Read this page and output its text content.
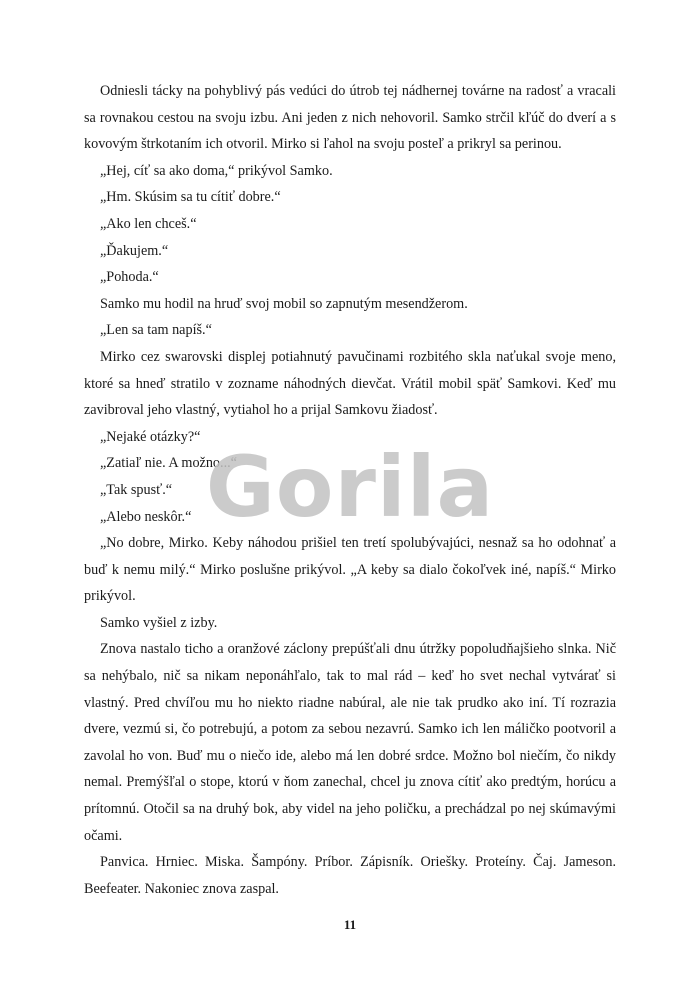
Odniesli tácky na pohyblivý pás vedúci do útrob tej nádhernej továrne na radosť a vracali sa rovnakou cestou na svoju izbu. Ani jeden z nich nehovoril. Samko strčil kľúč do dverí a s kovovým štrkotaním ich otvoril. Mirko si ľahol na svoju posteľ a prikryl sa perinou.

„Hej, cíť sa ako doma,“ prikývol Samko.

„Hm. Skúsim sa tu cítiť dobre.“

„Ako len chceš.“

„Ďakujem.“

„Pohoda.“

Samko mu hodil na hruď svoj mobil so zapnutým mesendžerom.

„Len sa tam napíš.“

Mirko cez swarovski displej potiahnutý pavučinami rozbitého skla naťukal svoje meno, ktoré sa hneď stratilo v zozname náhodných dievčat. Vrátil mobil späť Samkovi. Keď mu zavibroval jeho vlastný, vytiahol ho a prijal Samkovu žiadosť.

„Nejaké otázky?“

„Zatiaľ nie. A možno...“

„Tak spusť.“

„Alebo neskôr.“

„No dobre, Mirko. Keby náhodou prišiel ten tretí spolubývajúci, nesnaž sa ho odohnať a buď k nemu milý.“ Mirko poslušne prikývol. „A keby sa dialo čokoľvek iné, napíš.“ Mirko prikývol.

Samko vyšiel z izby.

Znova nastalo ticho a oranžové záclony prepúšťali dnu útržky popoludňajšieho slnka. Nič sa nehýbalo, nič sa nikam neponáhľalo, tak to mal rád – keď ho svet nechal vytvárať si vlastný. Pred chvíľou mu ho niekto riadne nabúral, ale nie tak prudko ako iní. Tí rozrazia dvere, vezmú si, čo potrebujú, a potom za sebou nezavrú. Samko ich len máličko pootvoril a zavolal ho von. Buď mu o niečo ide, alebo má len dobré srdce. Možno bol niečím, čo nikdy nemal. Premýšľal o stope, ktorú v ňom zanechal, chcel ju znova cítiť ako predtým, horúcu a prítomnú. Otočil sa na druhý bok, aby videl na jeho poličku, a prechádzal po nej skúmavými očami.

Panvica. Hrniec. Miska. Šampóny. Príbor. Zápisník. Oriešky. Proteíny. Čaj. Jameson. Beefeater. Nakoniec znova zaspal.

Gorila
11
